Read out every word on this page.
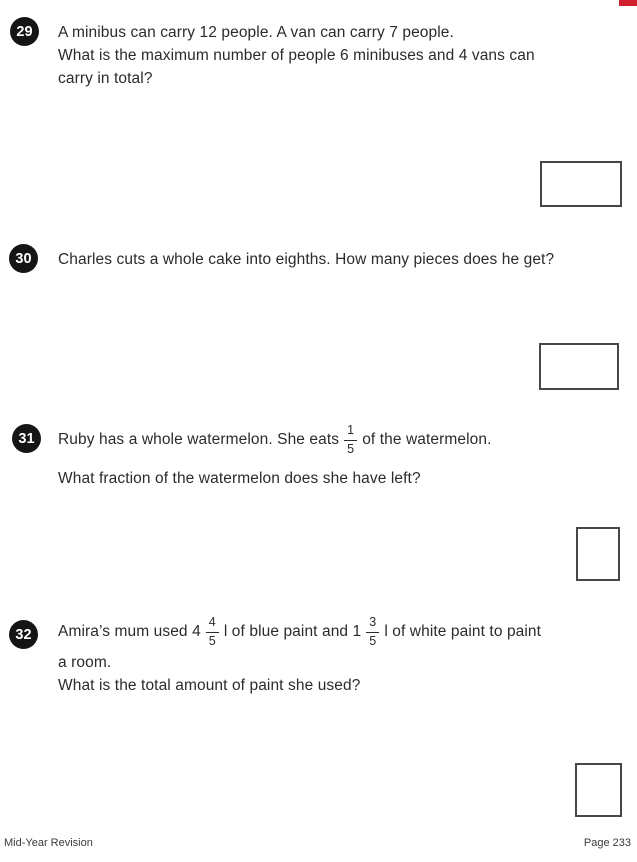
29 A minibus can carry 12 people. A van can carry 7 people.
What is the maximum number of people 6 minibuses and 4 vans can
carry in total?
30 Charles cuts a whole cake into eighths. How many pieces does he get?
31 Ruby has a whole watermelon. She eats $\frac{1}{5}$ of the watermelon.
What fraction of the watermelon does she have left?
32 Amira’s mum used $4 \frac{4}{5}$ l of blue paint and $1 \frac{3}{5}$ l of white paint to paint
a room.
What is the total amount of paint she used?
Mid-Year Revision	Page 233
